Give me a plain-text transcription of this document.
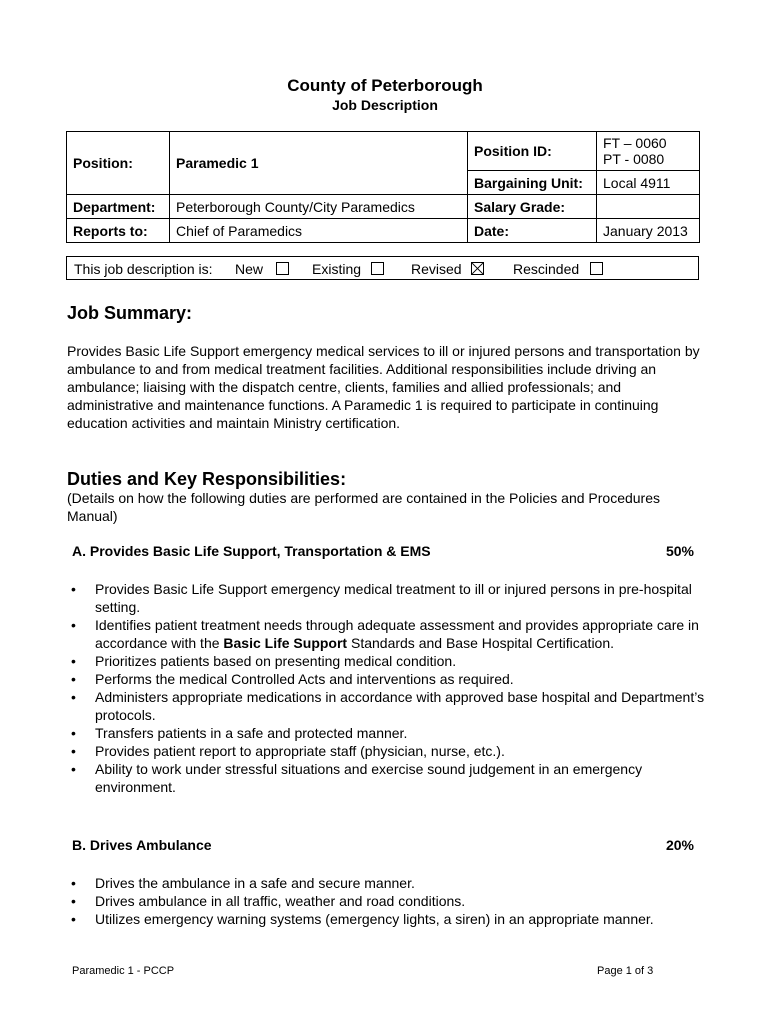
County of Peterborough
Job Description
Position:	Paramedic 1	Position ID:	FT – 0060
PT - 0080

		Bargaining Unit:	Local 4911
Department:	Peterborough County/City Paramedics	Salary Grade:	
Reports to:	Chief of Paramedics	Date:	January 2013
This job description is: New	Existing	Revised	Rescinded
Job Summary:
Provides Basic Life Support emergency medical services to ill or injured persons and transportation by ambulance to and from medical treatment facilities. Additional responsibilities include driving an ambulance; liaising with the dispatch centre, clients, families and allied professionals; and administrative and maintenance functions. A Paramedic 1 is required to participate in continuing education activities and maintain Ministry certification.
Duties and Key Responsibilities:
(Details on how the following duties are performed are contained in the Policies and Procedures Manual)
A. Provides Basic Life Support, Transportation & EMS	50%
• Provides Basic Life Support emergency medical treatment to ill or injured persons in pre-hospital setting.
• Identifies patient treatment needs through adequate assessment and provides appropriate care in accordance with the Basic Life Support Standards and Base Hospital Certification.
• Prioritizes patients based on presenting medical condition.
• Performs the medical Controlled Acts and interventions as required.
• Administers appropriate medications in accordance with approved base hospital and Department’s protocols.
• Transfers patients in a safe and protected manner.
• Provides patient report to appropriate staff (physician, nurse, etc.).
• Ability to work under stressful situations and exercise sound judgement in an emergency environment.
B. Drives Ambulance	20%
• Drives the ambulance in a safe and secure manner.
• Drives ambulance in all traffic, weather and road conditions.
• Utilizes emergency warning systems (emergency lights, a siren) in an appropriate manner.
Paramedic 1 - PCCP	Page 1 of 3
